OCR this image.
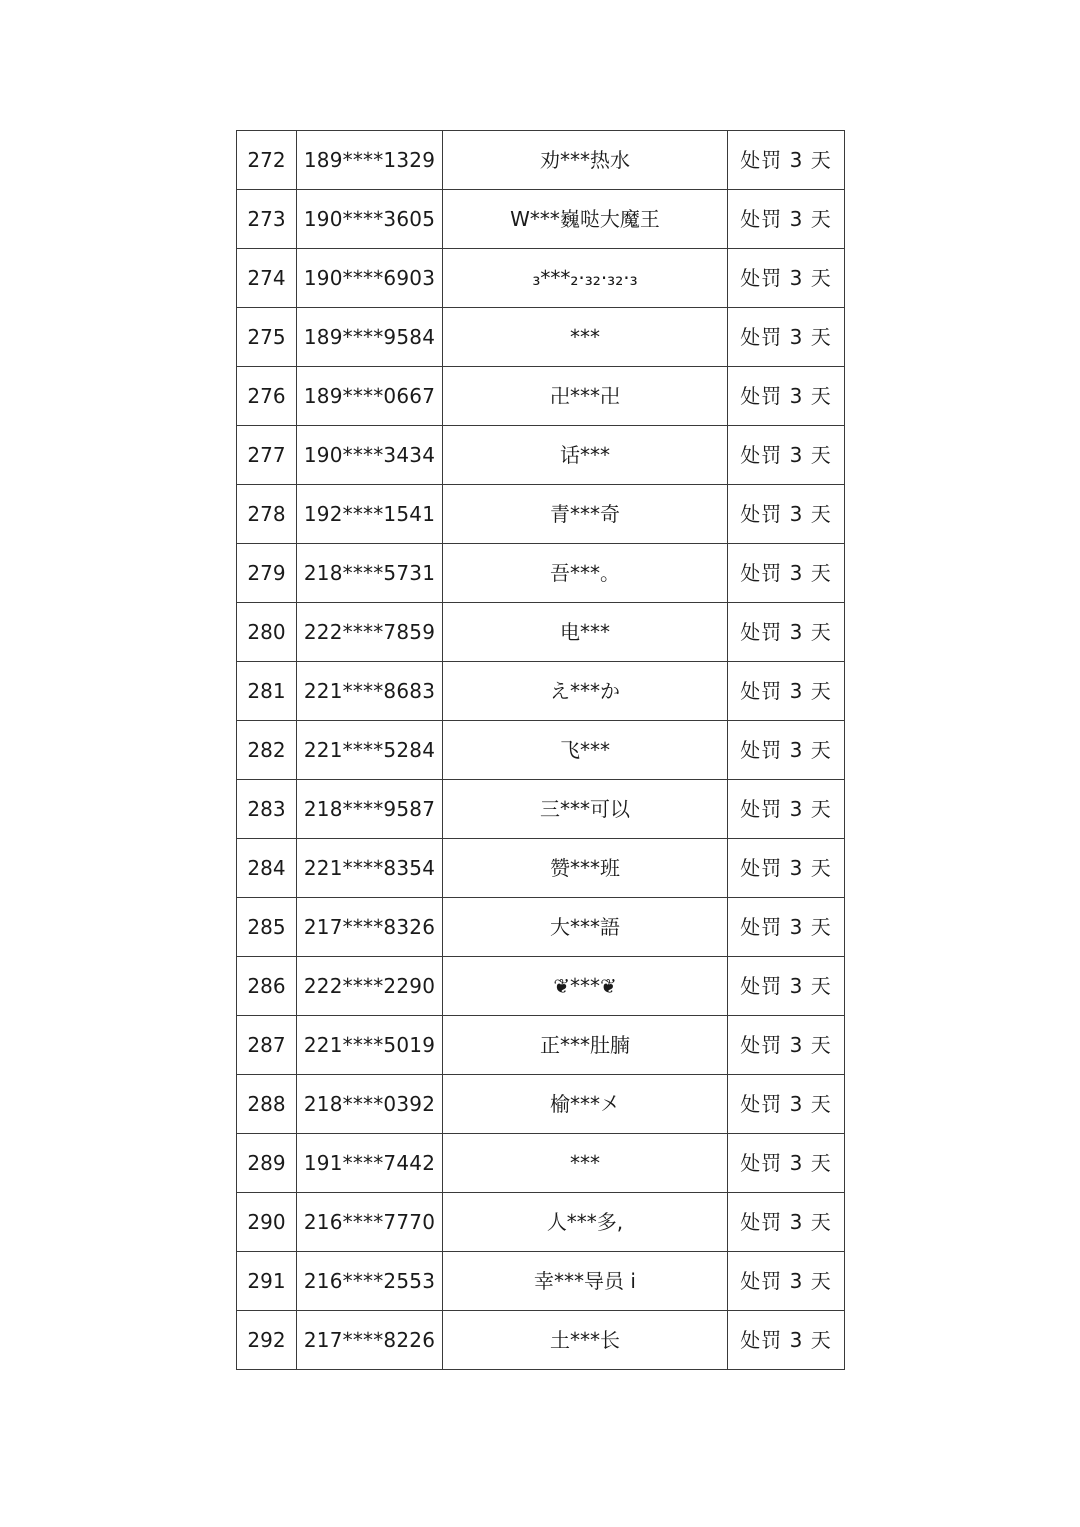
272	189****1329	劝***热水	处罚 3 天
273	190****3605	W***巍哒大魔王	处罚 3 天
274	190****6903	₃***₂·₃₂·₃₂·₃	处罚 3 天
275	189****9584	***	处罚 3 天
276	189****0667	卍***卍	处罚 3 天
277	190****3434	话***	处罚 3 天
278	192****1541	青***奇	处罚 3 天
279	218****5731	吾***。	处罚 3 天
280	222****7859	电***	处罚 3 天
281	221****8683	え***か	处罚 3 天
282	221****5284	飞***	处罚 3 天
283	218****9587	三***可以	处罚 3 天
284	221****8354	赞***班	处罚 3 天
285	217****8326	大***語	处罚 3 天
286	222****2290	❦***❦	处罚 3 天
287	221****5019	正***肚腩	处罚 3 天
288	218****0392	榆***㐅	处罚 3 天
289	191****7442	***	处罚 3 天
290	216****7770	人***多,	处罚 3 天
291	216****2553	幸***导员 i	处罚 3 天
292	217****8226	土***长	处罚 3 天
